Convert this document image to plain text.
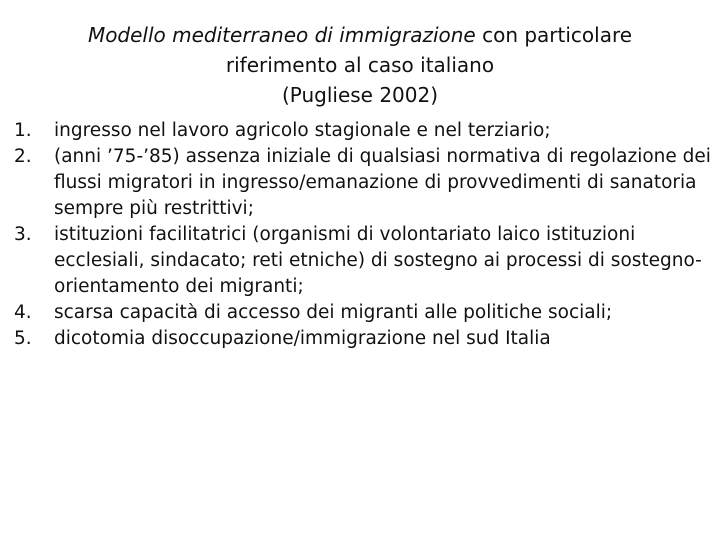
Modello mediterraneo di immigrazione con particolare
riferimento al caso italiano
(Pugliese 2002)
1.	ingresso nel lavoro agricolo stagionale e nel terziario;
2.	(anni ’75-’85) assenza iniziale di qualsiasi normativa di regolazione dei flussi migratori in ingresso/emanazione di provvedimenti di sanatoria sempre più restrittivi;
3.	istituzioni facilitatrici (organismi di volontariato laico istituzioni ecclesiali, sindacato; reti etniche) di sostegno ai processi di sostegno-orientamento dei migranti;
4.	scarsa capacità di accesso dei migranti alle politiche sociali;
5.	dicotomia disoccupazione/immigrazione nel sud Italia
